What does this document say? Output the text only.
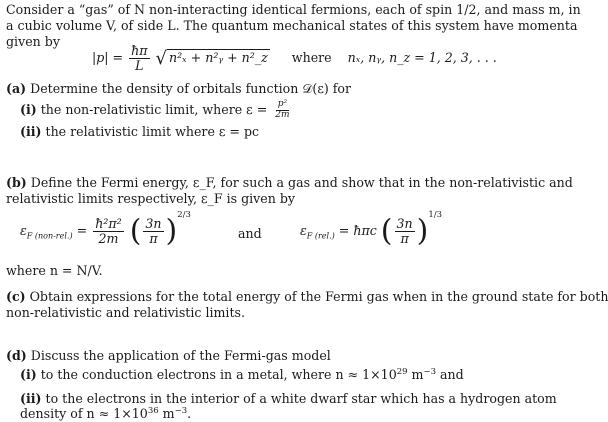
Consider a “gas” of N non-interacting identical fermions, each of spin 1/2, and mass m, in
a cubic volume V, of side L. The quantum mechanical states of this system have momenta
given by
$|p| = \frac{ħ\pi}{L}$ √ n²ₓ + n²ᵧ + n²_z where nₓ, nᵧ, n_z = 1, 2, 3, . . .
(a) Determine the density of orbitals function 𝒟(ε) for
(i) the non-relativistic limit, where $\varepsilon = \frac{\text{p²}}{2m}$
(ii) the relativistic limit where ε = pc
(b) Define the Fermi energy, ε_F, for such a gas and show that in the non-relativistic and
relativistic limits respectively, ε_F is given by
$\varepsilon_{F (non-rel.)} = \frac{\text{ħ²π²}}{2m}$ ( $\frac{3n}{\pi} )^{2/3}$
and	$\varepsilon_{F (rel.)}$ = ħπc ( $\frac{3n}{\pi} )^{1/3}$
where n = N/V.
(c) Obtain expressions for the total energy of the Fermi gas when in the ground state for both
non-relativistic and relativistic limits.
(d) Discuss the application of the Fermi-gas model
(i) to the conduction electrons in a metal, where $n \approx 1\times 10^{29}$ $m^{-3}$ and
(ii) to the electrons in the interior of a white dwarf star which has a hydrogen atom
density of $n \approx 1\times 10^{36}$ $m^{-3}$.
